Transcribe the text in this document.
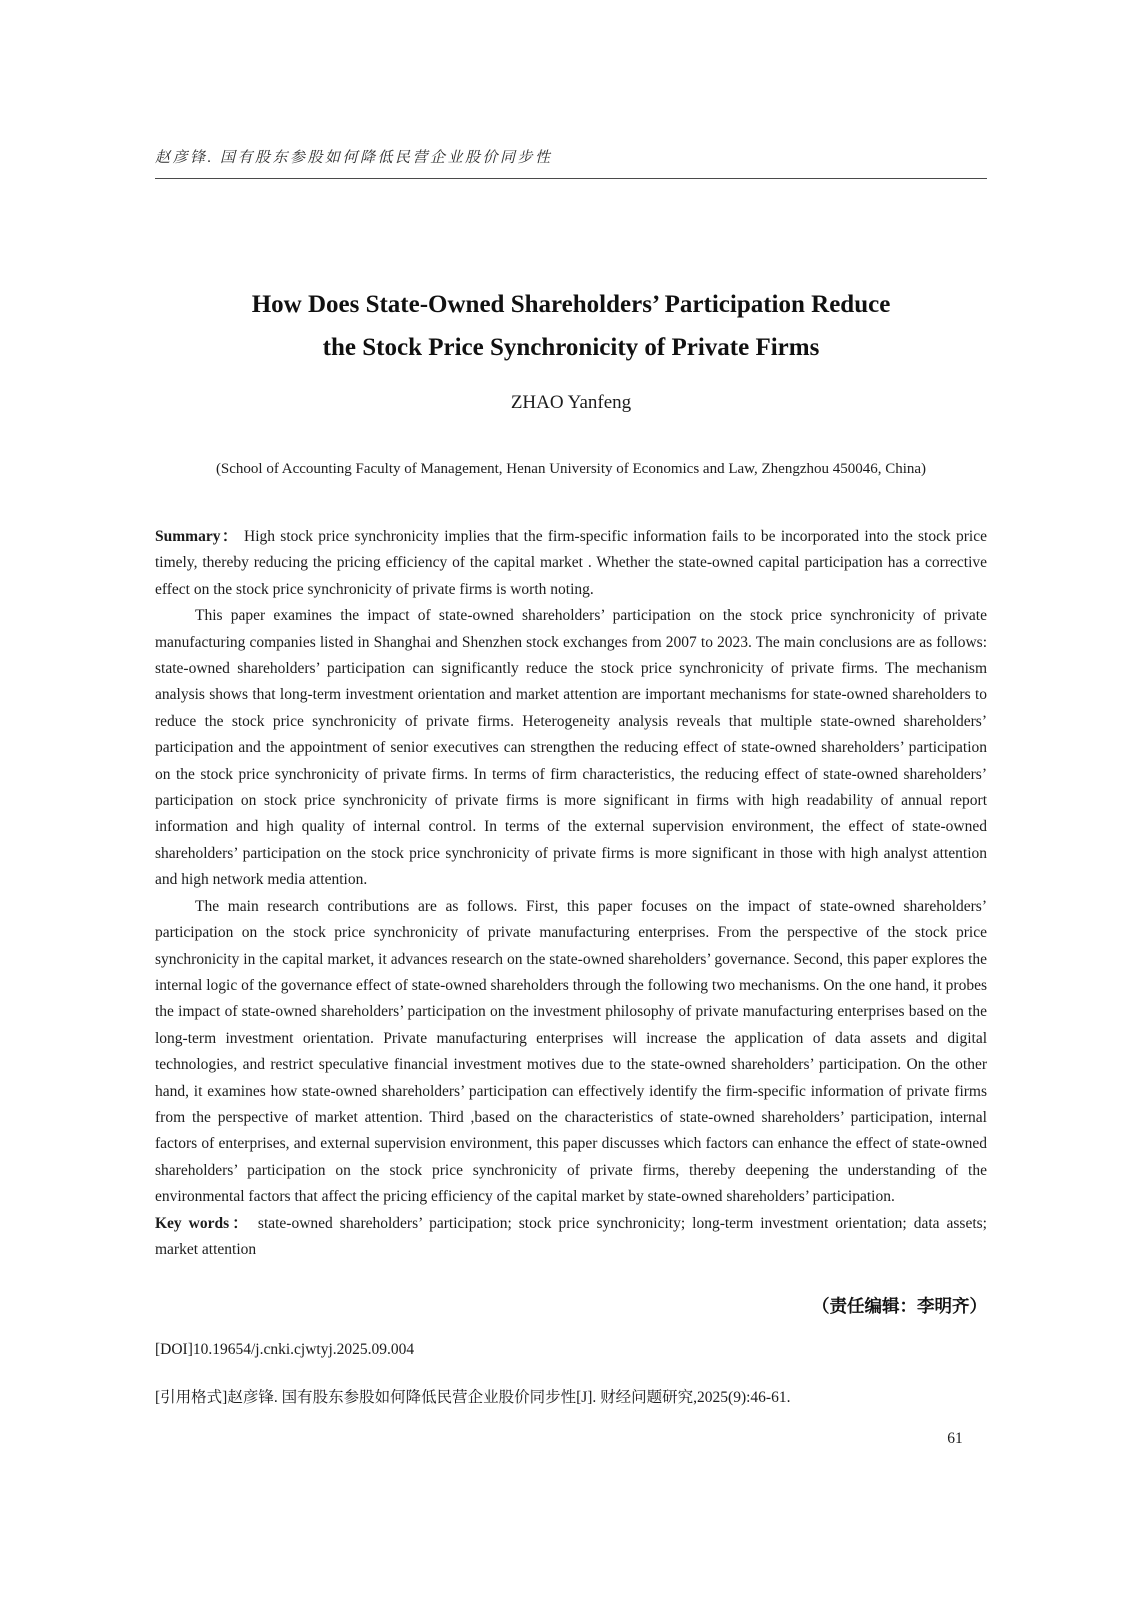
赵彦锋. 国有股东参股如何降低民营企业股价同步性
How Does State-Owned Shareholders’ Participation Reduce
the Stock Price Synchronicity of Private Firms
ZHAO Yanfeng
(School of Accounting Faculty of Management, Henan University of Economics and Law, Zhengzhou 450046, China)

Summary： High stock price synchronicity implies that the firm-specific information fails to be incorporated into the stock price timely, thereby reducing the pricing efficiency of the capital market . Whether the state-owned capital participation has a corrective effect on the stock price synchronicity of private firms is worth noting.

This paper examines the impact of state-owned shareholders’ participation on the stock price synchronicity of private manufacturing companies listed in Shanghai and Shenzhen stock exchanges from 2007 to 2023. The main conclusions are as follows: state-owned shareholders’ participation can significantly reduce the stock price synchronicity of private firms. The mechanism analysis shows that long-term investment orientation and market attention are important mechanisms for state-owned shareholders to reduce the stock price synchronicity of private firms. Heterogeneity analysis reveals that multiple state-owned shareholders’ participation and the appointment of senior executives can strengthen the reducing effect of state-owned shareholders’ participation on the stock price synchronicity of private firms. In terms of firm characteristics, the reducing effect of state-owned shareholders’ participation on stock price synchronicity of private firms is more significant in firms with high readability of annual report information and high quality of internal control. In terms of the external supervision environment, the effect of state-owned shareholders’ participation on the stock price synchronicity of private firms is more significant in those with high analyst attention and high network media attention.

The main research contributions are as follows. First, this paper focuses on the impact of state-owned shareholders’ participation on the stock price synchronicity of private manufacturing enterprises. From the perspective of the stock price synchronicity in the capital market, it advances research on the state-owned shareholders’ governance. Second, this paper explores the internal logic of the governance effect of state-owned shareholders through the following two mechanisms. On the one hand, it probes the impact of state-owned shareholders’ participation on the investment philosophy of private manufacturing enterprises based on the long-term investment orientation. Private manufacturing enterprises will increase the application of data assets and digital technologies, and restrict speculative financial investment motives due to the state-owned shareholders’ participation. On the other hand, it examines how state-owned shareholders’ participation can effectively identify the firm-specific information of private firms from the perspective of market attention. Third ,based on the characteristics of state-owned shareholders’ participation, internal factors of enterprises, and external supervision environment, this paper discusses which factors can enhance the effect of state-owned shareholders’ participation on the stock price synchronicity of private firms, thereby deepening the understanding of the environmental factors that affect the pricing efficiency of the capital market by state-owned shareholders’ participation.

Key words： state-owned shareholders’ participation; stock price synchronicity; long-term investment orientation; data assets; market attention

（责任编辑：李明齐）
[DOI]10.19654/j.cnki.cjwtyj.2025.09.004
[引用格式]赵彦锋. 国有股东参股如何降低民营企业股价同步性[J]. 财经问题研究,2025(9):46-61.
61
